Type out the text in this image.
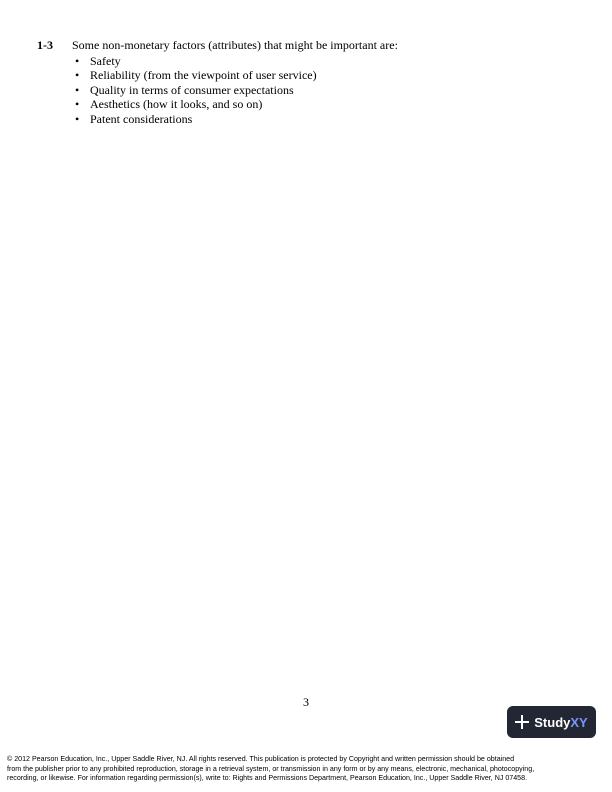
1-3	Some non-monetary factors (attributes) that might be important are:
• Safety
• Reliability (from the viewpoint of user service)
• Quality in terms of consumer expectations
• Aesthetics (how it looks, and so on)
• Patent considerations
3
StudyXY
© 2012 Pearson Education, Inc., Upper Saddle River, NJ. All rights reserved. This publication is protected by Copyright and written permission should be obtained
from the publisher prior to any prohibited reproduction, storage in a retrieval system, or transmission in any form or by any means, electronic, mechanical, photocopying,
recording, or likewise. For information regarding permission(s), write to: Rights and Permissions Department, Pearson Education, Inc., Upper Saddle River, NJ 07458.
